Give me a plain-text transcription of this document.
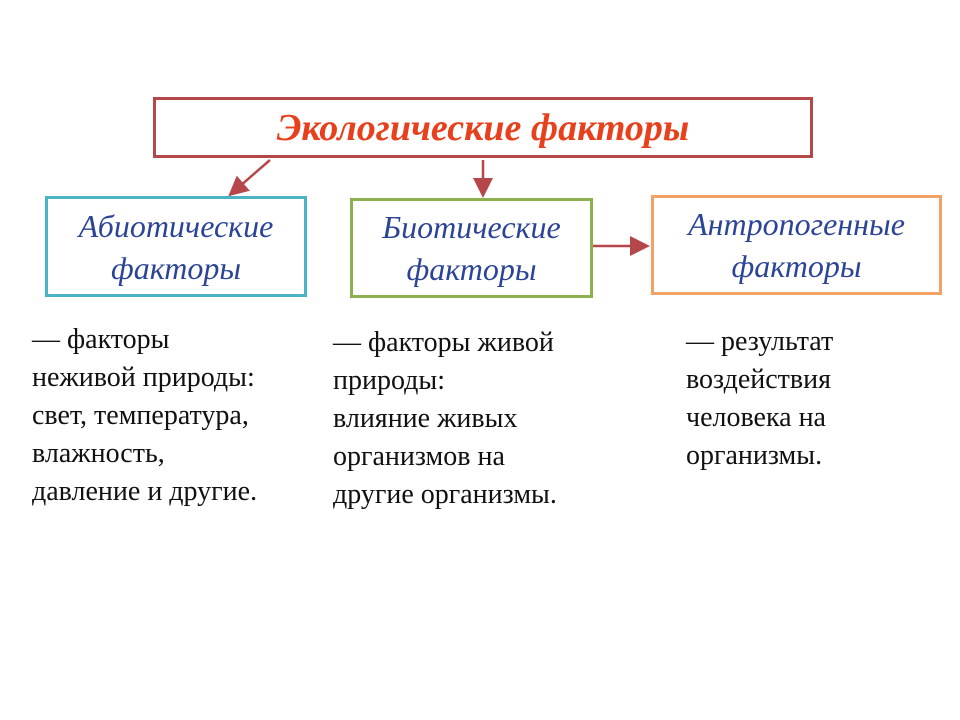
Экологические факторы
Абиотические
факторы
Биотические
факторы
Антропогенные
факторы
— факторы
неживой природы:
свет, температура,
влажность,
давление и другие.
— факторы живой
природы:
влияние живых
организмов на
другие организмы.
— результат
воздействия
человека на
организмы.
